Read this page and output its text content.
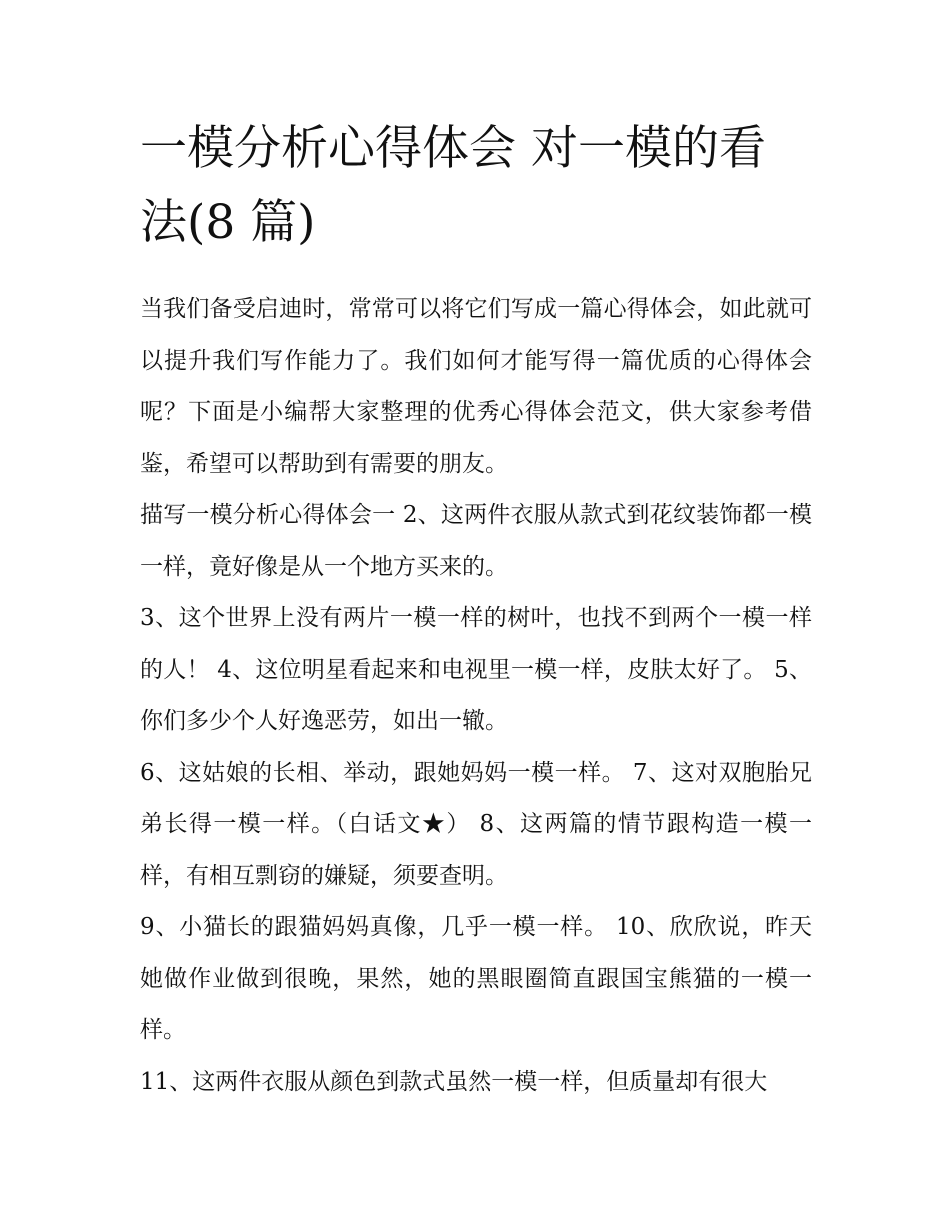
一模分析心得体会 对一模的看法(8 篇)

当我们备受启迪时，常常可以将它们写成一篇心得体会，如此就可以提升我们写作能力了。我们如何才能写得一篇优质的心得体会呢？下面是小编帮大家整理的优秀心得体会范文，供大家参考借鉴，希望可以帮助到有需要的朋友。

描写一模分析心得体会一 2、这两件衣服从款式到花纹装饰都一模一样，竟好像是从一个地方买来的。

3、这个世界上没有两片一模一样的树叶，也找不到两个一模一样的人！ 4、这位明星看起来和电视里一模一样，皮肤太好了。 5、你们多少个人好逸恶劳，如出一辙。

6、这姑娘的长相、举动，跟她妈妈一模一样。 7、这对双胞胎兄弟长得一模一样。（白话文★） 8、这两篇的情节跟构造一模一样，有相互剽窃的嫌疑，须要查明。

9、小猫长的跟猫妈妈真像，几乎一模一样。 10、欣欣说，昨天她做作业做到很晚，果然，她的黑眼圈简直跟国宝熊猫的一模一样。

11、这两件衣服从颜色到款式虽然一模一样，但质量却有很大
